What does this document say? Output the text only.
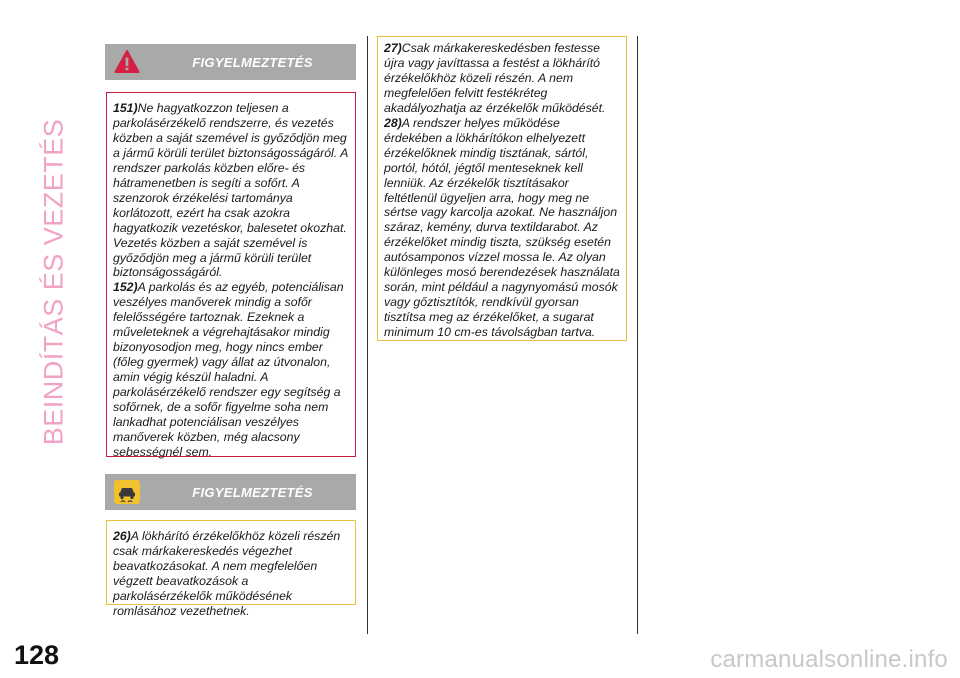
BEINDÍTÁS ÉS VEZETÉS
128
FIGYELMEZTETÉS

151)Ne hagyatkozzon teljesen a parkolásérzékelő rendszerre, és vezetés közben a saját szemével is győződjön meg a jármű körüli terület biztonságosságáról. A rendszer parkolás közben előre- és hátramenetben is segíti a sofőrt. A szenzorok érzékelési tartománya korlátozott, ezért ha csak azokra hagyatkozik vezetéskor, balesetet okozhat. Vezetés közben a saját szemével is győződjön meg a jármű körüli terület biztonságosságáról.

152)A parkolás és az egyéb, potenciálisan veszélyes manőverek mindig a sofőr felelősségére tartoznak. Ezeknek a műveleteknek a végrehajtásakor mindig bizonyosodjon meg, hogy nincs ember (főleg gyermek) vagy állat az útvonalon, amin végig készül haladni. A parkolásérzékelő rendszer egy segítség a sofőrnek, de a sofőr figyelme soha nem lankadhat potenciálisan veszélyes manőverek közben, még alacsony sebességnél sem.

FIGYELMEZTETÉS

26)A lökhárító érzékelőkhöz közeli részén csak márkakereskedés végezhet beavatkozásokat. A nem megfelelően végzett beavatkozások a parkolásérzékelők működésének romlásához vezethetnek.

27)Csak márkakereskedésben festesse újra vagy javíttassa a festést a lökhárító érzékelőkhöz közeli részén. A nem megfelelően felvitt festékréteg akadályozhatja az érzékelők működését.

28)A rendszer helyes működése érdekében a lökhárítókon elhelyezett érzékelőknek mindig tisztának, sártól, portól, hótól, jégtől menteseknek kell lenniük. Az érzékelők tisztításakor feltétlenül ügyeljen arra, hogy meg ne sértse vagy karcolja azokat. Ne használjon száraz, kemény, durva textildarabot. Az érzékelőket mindig tiszta, szükség esetén autósamponos vízzel mossa le. Az olyan különleges mosó berendezések használata során, mint például a nagynyomású mosók vagy gőztisztítók, rendkívül gyorsan tisztítsa meg az érzékelőket, a sugarat minimum 10 cm-es távolságban tartva.

carmanualsonline.info
